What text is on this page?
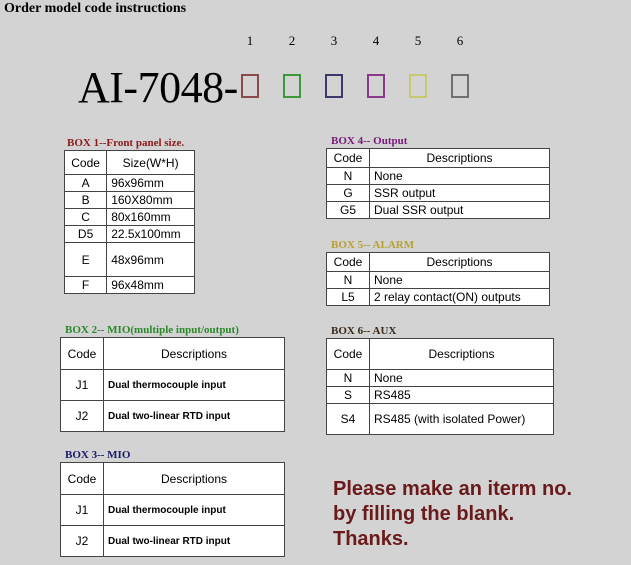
Order model code instructions
1	2	3	4	5	6
AI-7048-
BOX 1--Front panel size.
Code	Size(W*H)
A	96x96mm
B	160X80mm
C	80x160mm
D5	22.5x100mm
E	48x96mm
F	96x48mm
BOX 2-- MIO(multiple input/output)
Code	Descriptions
J1	Dual thermocouple input
J2	Dual two-linear RTD input
BOX 3-- MIO
Code	Descriptions
J1	Dual thermocouple input
J2	Dual two-linear RTD input
BOX 4-- Output
Code	Descriptions
N	None
G	SSR output
G5	Dual SSR output
BOX 5-- ALARM
Code	Descriptions
N	None
L5	2 relay contact(ON) outputs
BOX 6-- AUX
Code	Descriptions
N	None
S	RS485
S4	RS485 (with isolated Power)
Please make an iterm no.
by filling the blank.
Thanks.
